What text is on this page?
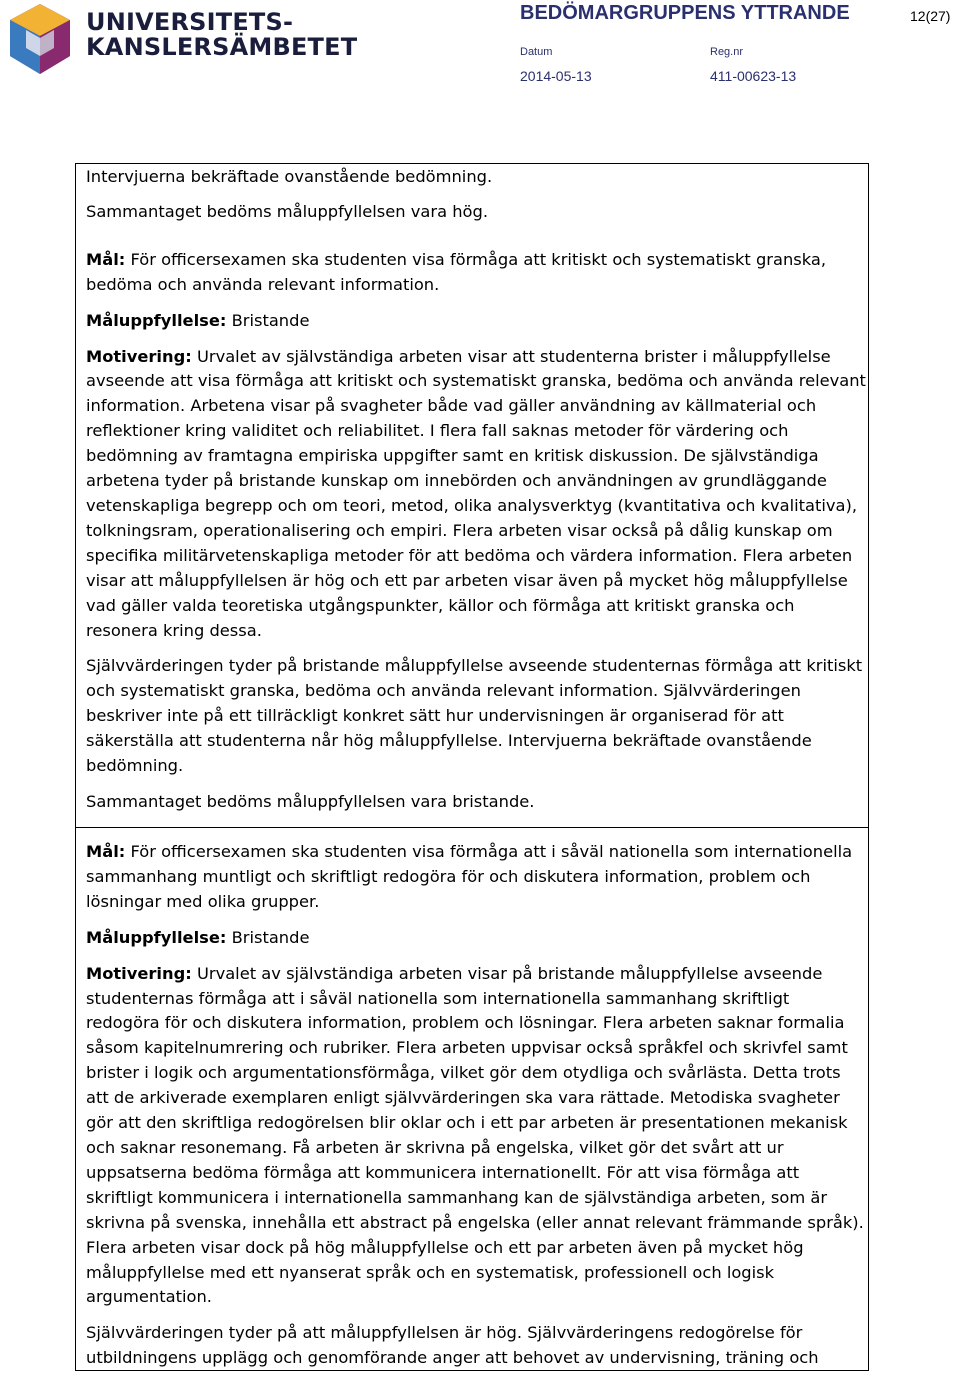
UNIVERSITETS-
KANSLERSÄMBETET
BEDÖMARGRUPPENS YTTRANDE	12(27)
Datum	Reg.nr
2014-05-13	411-00623-13

Intervjuerna bekräftade ovanstående bedömning.

Sammantaget bedöms måluppfyllelsen vara hög.

Mål: För officersexamen ska studenten visa förmåga att kritiskt och systematiskt granska, bedöma och använda relevant information.

Måluppfyllelse: Bristande

Motivering: Urvalet av självständiga arbeten visar att studenterna brister i måluppfyllelse avseende att visa förmåga att kritiskt och systematiskt granska, bedöma och använda relevant information. Arbetena visar på svagheter både vad gäller användning av källmaterial och reflektioner kring validitet och reliabilitet. I flera fall saknas metoder för värdering och bedömning av framtagna empiriska uppgifter samt en kritisk diskussion. De självständiga arbetena tyder på bristande kunskap om innebörden och användningen av grundläggande vetenskapliga begrepp och om teori, metod, olika analysverktyg (kvantitativa och kvalitativa), tolkningsram, operationalisering och empiri. Flera arbeten visar också på dålig kunskap om specifika militärvetenskapliga metoder för att bedöma och värdera information. Flera arbeten visar att måluppfyllelsen är hög och ett par arbeten visar även på mycket hög måluppfyllelse vad gäller valda teoretiska utgångspunkter, källor och förmåga att kritiskt granska och resonera kring dessa.

Självvärderingen tyder på bristande måluppfyllelse avseende studenternas förmåga att kritiskt och systematiskt granska, bedöma och använda relevant information. Självvärderingen beskriver inte på ett tillräckligt konkret sätt hur undervisningen är organiserad för att säkerställa att studenterna når hög måluppfyllelse. Intervjuerna bekräftade ovanstående bedömning.

Sammantaget bedöms måluppfyllelsen vara bristande.

Mål: För officersexamen ska studenten visa förmåga att i såväl nationella som internationella sammanhang muntligt och skriftligt redogöra för och diskutera information, problem och lösningar med olika grupper.

Måluppfyllelse: Bristande

Motivering: Urvalet av självständiga arbeten visar på bristande måluppfyllelse avseende studenternas förmåga att i såväl nationella som internationella sammanhang skriftligt redogöra för och diskutera information, problem och lösningar. Flera arbeten saknar formalia såsom kapitelnumrering och rubriker. Flera arbeten uppvisar också språkfel och skrivfel samt brister i logik och argumentationsförmåga, vilket gör dem otydliga och svårlästa. Detta trots att de arkiverade exemplaren enligt självvärderingen ska vara rättade. Metodiska svagheter gör att den skriftliga redogörelsen blir oklar och i ett par arbeten är presentationen mekanisk och saknar resonemang. Få arbeten är skrivna på engelska, vilket gör det svårt att ur uppsatserna bedöma förmåga att kommunicera internationellt. För att visa förmåga att skriftligt kommunicera i internationella sammanhang kan de självständiga arbeten, som är skrivna på svenska, innehålla ett abstract på engelska (eller annat relevant främmande språk). Flera arbeten visar dock på hög måluppfyllelse och ett par arbeten även på mycket hög måluppfyllelse med ett nyanserat språk och en systematisk, professionell och logisk argumentation.

Självvärderingen tyder på att måluppfyllelsen är hög. Självvärderingens redogörelse för utbildningens upplägg och genomförande anger att behovet av undervisning, träning och
